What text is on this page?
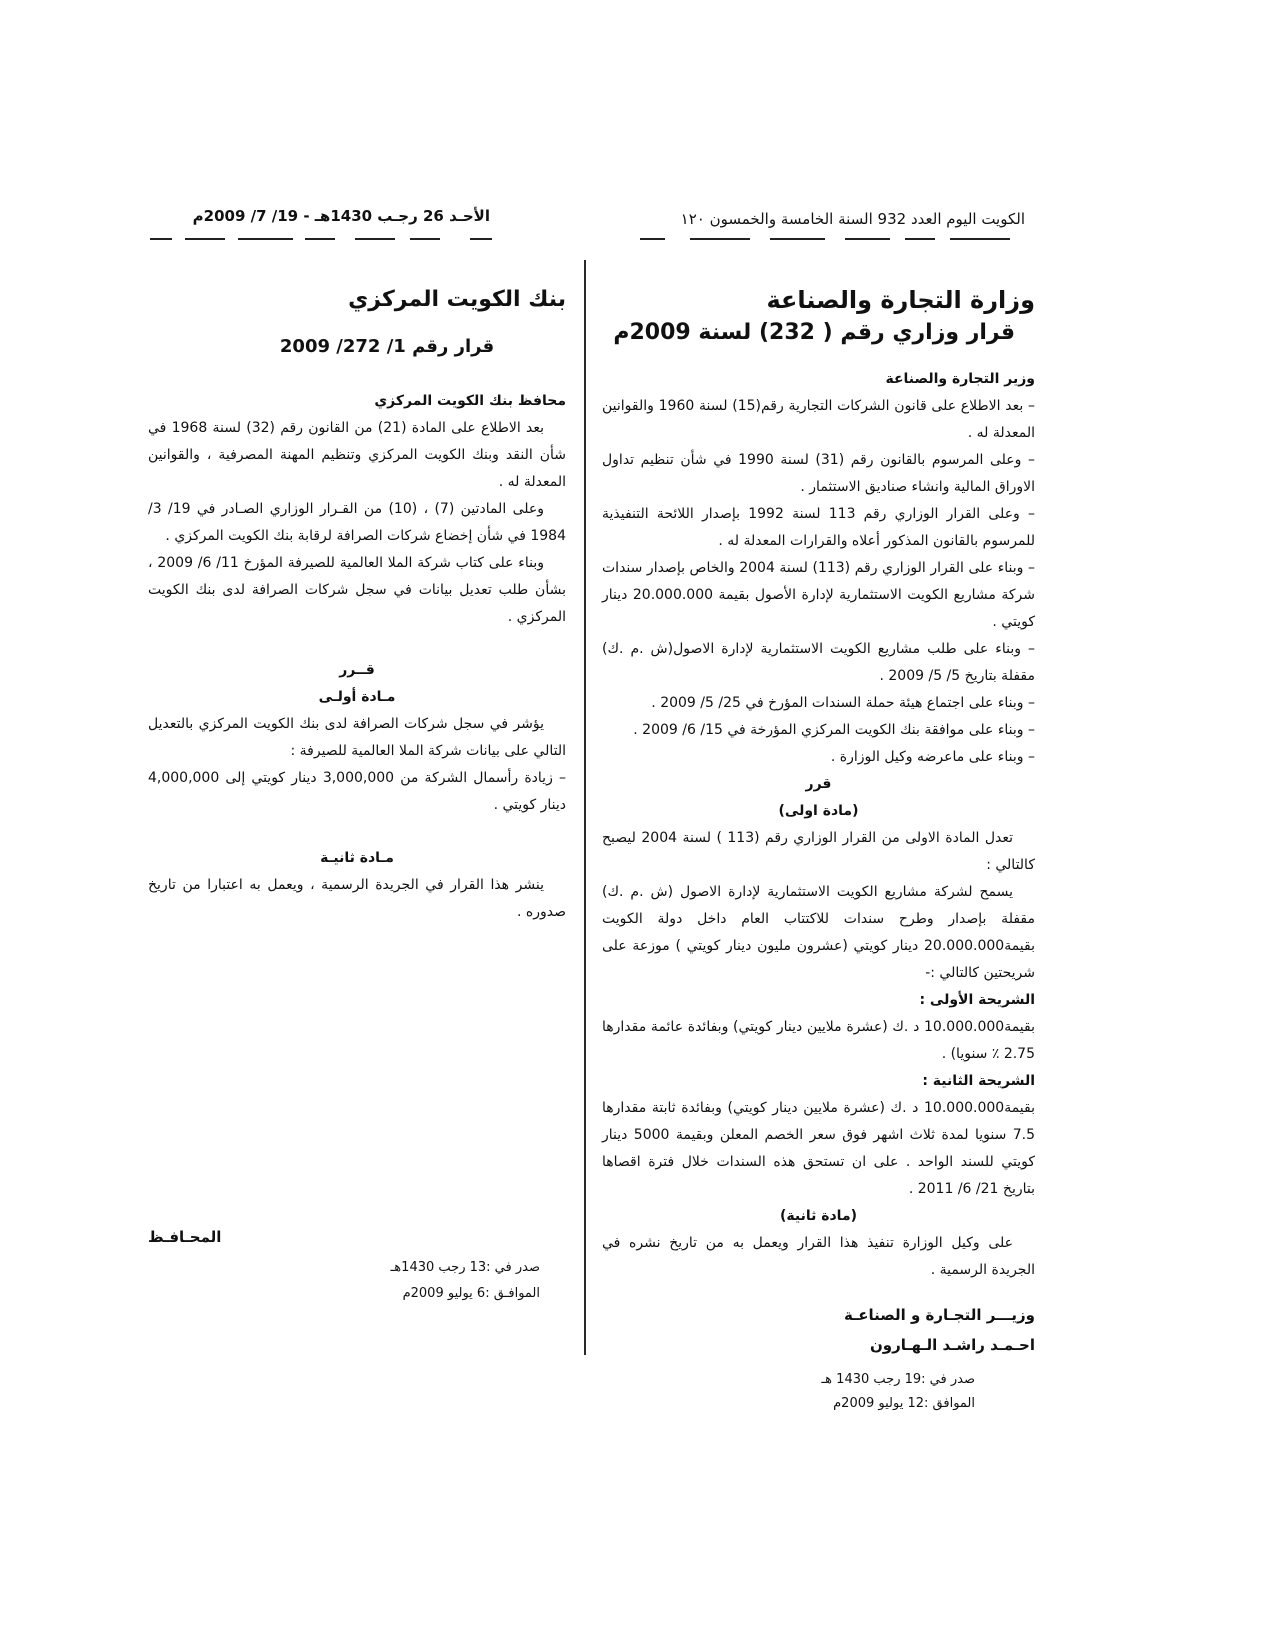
الكويت اليوم العدد 932 السنة الخامسة والخمسون ١٢٠
الأحـد 26 رجـب 1430هـ - 19/ 7/ 2009م
وزارة التجارة والصناعة
قرار وزاري رقم ( 232) لسنة 2009م
وزير التجارة والصناعة
– بعد الاطلاع على قانون الشركات التجارية رقم(15) لسنة 1960 والقوانين المعدلة له .
– وعلى المرسوم بالقانون رقم (31) لسنة 1990 في شأن تنظيم تداول الاوراق المالية وانشاء صناديق الاستثمار .
– وعلى القرار الوزاري رقم 113 لسنة 1992 بإصدار اللائحة التنفيذية للمرسوم بالقانون المذكور أعلاه والقرارات المعدلة له .
– وبناء على القرار الوزاري رقم (113) لسنة 2004 والخاص بإصدار سندات شركة مشاريع الكويت الاستثمارية لإدارة الأصول بقيمة 20.000.000 دينار كويتي .
– وبناء على طلب مشاريع الكويت الاستثمارية لإدارة الاصول(ش .م .ك) مقفلة بتاريخ 5/ 5/ 2009 .
– وبناء على اجتماع هيئة حملة السندات المؤرخ في 25/ 5/ 2009 .
– وبناء على موافقة بنك الكويت المركزي المؤرخة في 15/ 6/ 2009 .
– وبناء على ماعرضه وكيل الوزارة .
قرر
(مادة اولى)
تعدل المادة الاولى من القرار الوزاري رقم (113 ) لسنة 2004 ليصبح كالتالي :
يسمح لشركة مشاريع الكويت الاستثمارية لإدارة الاصول (ش .م .ك) مقفلة بإصدار وطرح سندات للاكتتاب العام داخل دولة الكويت بقيمة20.000.000 دينار كويتي (عشرون مليون دينار كويتي ) موزعة على شريحتين كالتالي :-
الشريحة الأولى :
بقيمة10.000.000 د .ك (عشرة ملايين دينار كويتي) وبفائدة عائمة مقدارها 2.75 ٪ سنويا) .
الشريحة الثانية :
بقيمة10.000.000 د .ك (عشرة ملايين دينار كويتي) وبفائدة ثابتة مقدارها 7.5 سنويا لمدة ثلاث اشهر فوق سعر الخصم المعلن وبقيمة 5000 دينار كويتي للسند الواحد . على ان تستحق هذه السندات خلال فترة اقصاها بتاريخ 21/ 6/ 2011 .
(مادة ثانية)
على وكيل الوزارة تنفيذ هذا القرار ويعمل به من تاريخ نشره في الجريدة الرسمية .
وزيـــر التجـارة و الصناعـة
احـمـد راشـد الـهـارون
صدر في :19 رجب 1430 هـ
الموافق :12 يوليو 2009م
بنك الكويت المركزي
قرار رقم 1/ 272/ 2009
محافظ بنك الكويت المركزي
بعد الاطلاع على المادة (21) من القانون رقم (32) لسنة 1968 في شأن النقد وبنك الكويت المركزي وتنظيم المهنة المصرفية ، والقوانين المعدلة له .
وعلى المادتين (7) ، (10) من القـرار الوزاري الصـادر في 19/ 3/ 1984 في شأن إخضاع شركات الصرافة لرقابة بنك الكويت المركزي .
وبناء على كتاب شركة الملا العالمية للصيرفة المؤرخ 11/ 6/ 2009 ، بشأن طلب تعديل بيانات في سجل شركات الصرافة لدى بنك الكويت المركزي .
قــرر
مـادة أولـى
يؤشر في سجل شركات الصرافة لدى بنك الكويت المركزي بالتعديل التالي على بيانات شركة الملا العالمية للصيرفة :
– زيادة رأسمال الشركة من 3,000,000 دينار كويتي إلى 4,000,000 دينار كويتي .
مـادة ثانيـة
ينشر هذا القرار في الجريدة الرسمية ، ويعمل به اعتبارا من تاريخ صدوره .
المحـافـظ
صدر في :13 رجب 1430هـ
الموافـق :6 يوليو 2009م
